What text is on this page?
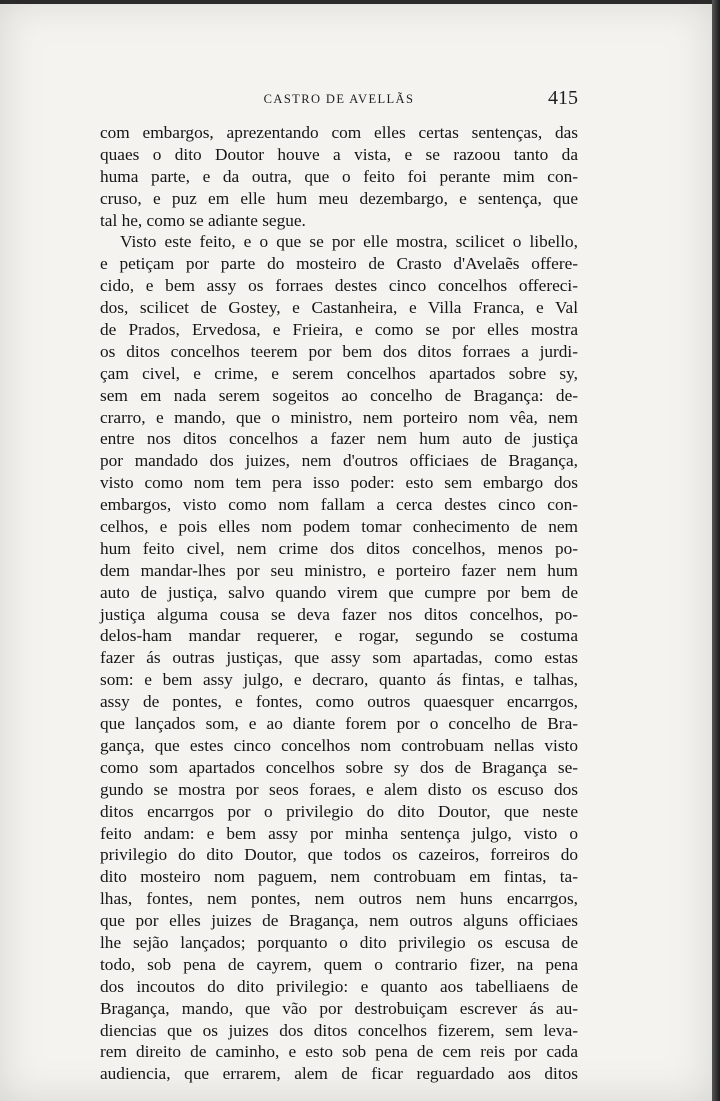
CASTRO DE AVELLÃS	415
com embargos, aprezentando com elles certas sentenças, das
quaes o dito Doutor houve a vista, e se razoou tanto da
huma parte, e da outra, que o feito foi perante mim con-
cruso, e puz em elle hum meu dezembargo, e sentença, que
tal he, como se adiante segue.
Visto este feito, e o que se por elle mostra, scilicet o libello,
e petiçam por parte do mosteiro de Crasto d'Avelaẽs offere-
cido, e bem assy os forraes destes cinco concelhos offereci-
dos, scilicet de Gostey, e Castanheira, e Villa Franca, e Val
de Prados, Ervedosa, e Frieira, e como se por elles mostra
os ditos concelhos teerem por bem dos ditos forraes a jurdi-
çam civel, e crime, e serem concelhos apartados sobre sy,
sem em nada serem sogeitos ao concelho de Bragança: de-
crarro, e mando, que o ministro, nem porteiro nom vêa, nem
entre nos ditos concelhos a fazer nem hum auto de justiça
por mandado dos juizes, nem d'outros officiaes de Bragança,
visto como nom tem pera isso poder: esto sem embargo dos
embargos, visto como nom fallam a cerca destes cinco con-
celhos, e pois elles nom podem tomar conhecimento de nem
hum feito civel, nem crime dos ditos concelhos, menos po-
dem mandar-lhes por seu ministro, e porteiro fazer nem hum
auto de justiça, salvo quando virem que cumpre por bem de
justiça alguma cousa se deva fazer nos ditos concelhos, po-
delos-ham mandar requerer, e rogar, segundo se costuma
fazer ás outras justiças, que assy som apartadas, como estas
som: e bem assy julgo, e decraro, quanto ás fintas, e talhas,
assy de pontes, e fontes, como outros quaesquer encarrgos,
que lançados som, e ao diante forem por o concelho de Bra-
gança, que estes cinco concelhos nom controbuam nellas visto
como som apartados concelhos sobre sy dos de Bragança se-
gundo se mostra por seos foraes, e alem disto os escuso dos
ditos encarrgos por o privilegio do dito Doutor, que neste
feito andam: e bem assy por minha sentença julgo, visto o
privilegio do dito Doutor, que todos os cazeiros, forreiros do
dito mosteiro nom paguem, nem controbuam em fintas, ta-
lhas, fontes, nem pontes, nem outros nem huns encarrgos,
que por elles juizes de Bragança, nem outros alguns officiaes
lhe sejão lançados; porquanto o dito privilegio os escusa de
todo, sob pena de cayrem, quem o contrario fizer, na pena
dos incoutos do dito privilegio: e quanto aos tabelliaens de
Bragança, mando, que vão por destrobuiçam escrever ás au-
diencias que os juizes dos ditos concelhos fizerem, sem leva-
rem direito de caminho, e esto sob pena de cem reis por cada
audiencia, que errarem, alem de ficar reguardado aos ditos
